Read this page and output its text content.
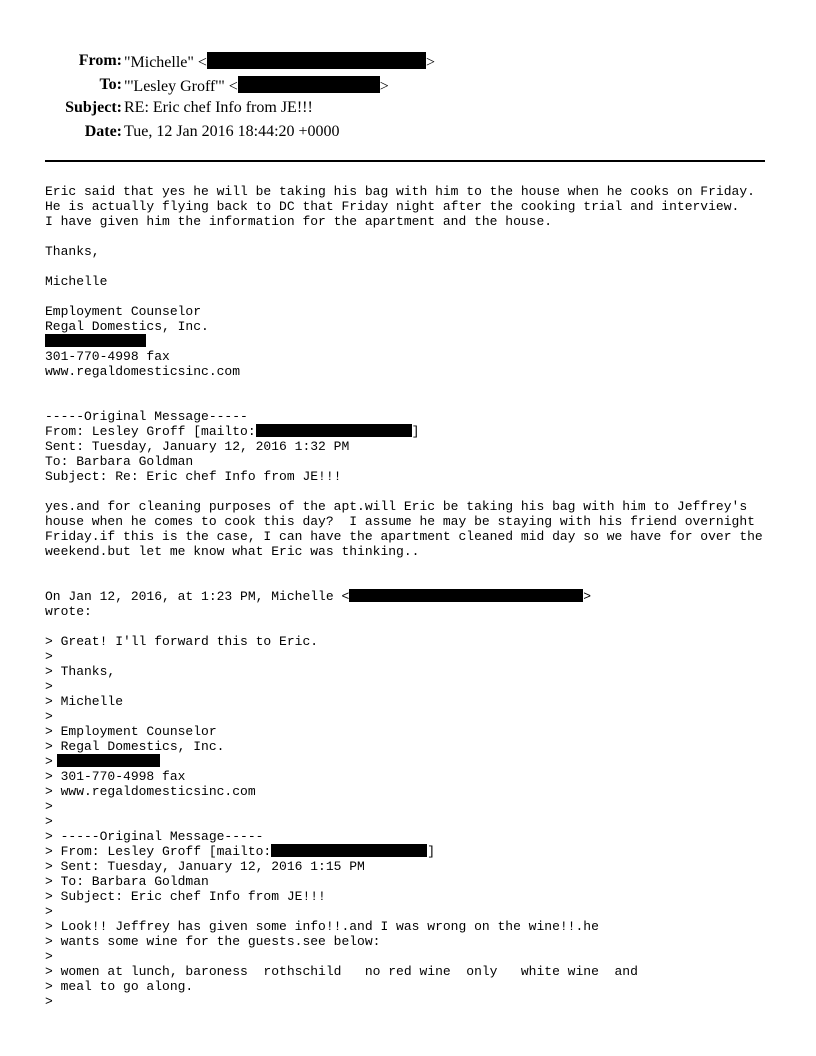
From: "Michelle" <	>
To: "'Lesley Groff'" <	>
Subject: RE: Eric chef Info from JE!!!
Date: Tue, 12 Jan 2016 18:44:20 +0000
Eric said that yes he will be taking his bag with him to the house when he cooks on Friday.
He is actually flying back to DC that Friday night after the cooking trial and interview.
I have given him the information for the apartment and the house.
Thanks,
Michelle
Employment Counselor
Regal Domestics, Inc.
301-770-4998 fax
www.regaldomesticsinc.com
-----Original Message-----
From: Lesley Groff [mailto:	]
Sent: Tuesday, January 12, 2016 1:32 PM
To: Barbara Goldman
Subject: Re: Eric chef Info from JE!!!
yes.and for cleaning purposes of the apt.will Eric be taking his bag with him to Jeffrey's
house when he comes to cook this day?  I assume he may be staying with his friend overnight
Friday.if this is the case, I can have the apartment cleaned mid day so we have for over the
weekend.but let me know what Eric was thinking..
On Jan 12, 2016, at 1:23 PM, Michelle <	>
wrote:
> Great! I'll forward this to Eric.
>
> Thanks,
>
> Michelle
>
> Employment Counselor
> Regal Domestics, Inc.
>
> 301-770-4998 fax
> www.regaldomesticsinc.com
>
>
> -----Original Message-----
> From: Lesley Groff [mailto:	]
> Sent: Tuesday, January 12, 2016 1:15 PM
> To: Barbara Goldman
> Subject: Eric chef Info from JE!!!
>
> Look!! Jeffrey has given some info!!.and I was wrong on the wine!!.he
> wants some wine for the guests.see below:
>
> women at lunch, baroness  rothschild   no red wine  only   white wine  and
> meal to go along.
>
